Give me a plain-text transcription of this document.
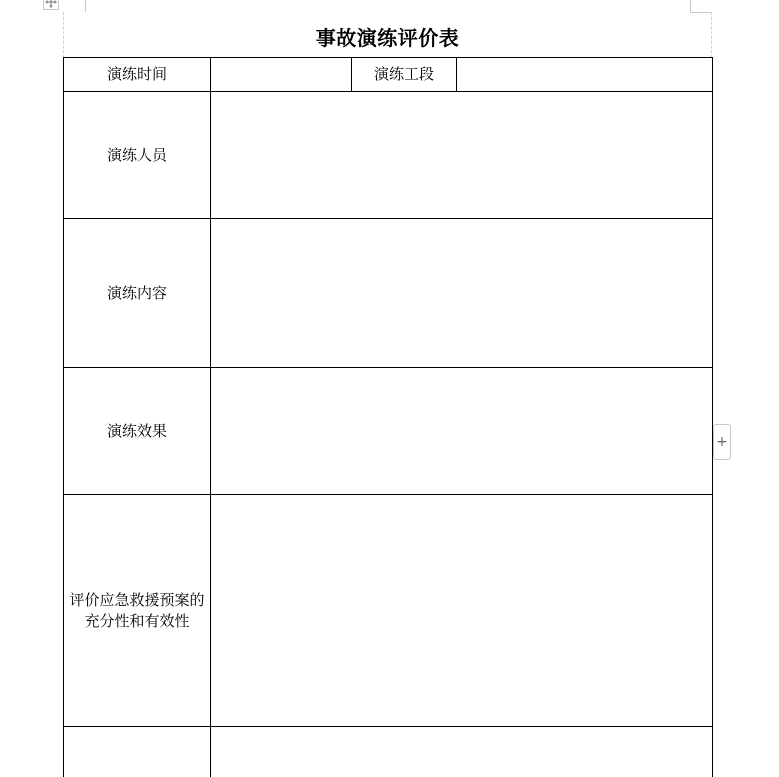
事故演练评价表
演练时间		演练工段	

演练人员			

演练内容			

演练效果			

评价应急救援预案的
充分性和有效性			

+
